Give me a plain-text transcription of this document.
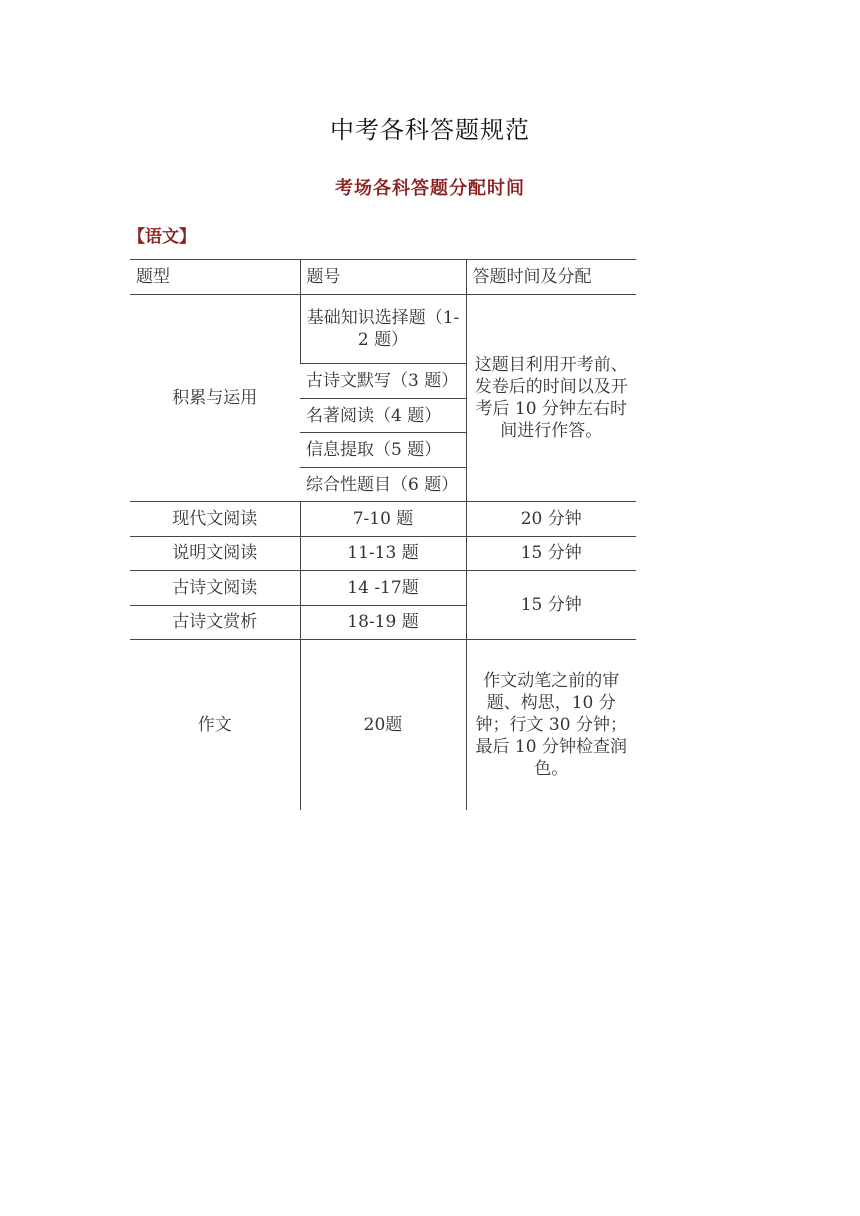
中考各科答题规范
考场各科答题分配时间
【语文】
题型	题号	答题时间及分配
积累与运用	基础知识选择题（1-2 题）	这题目利用开考前、发卷后的时间以及开考后 10 分钟左右时间进行作答。
	古诗文默写（3 题）	
	名著阅读（4 题）	
	信息提取（5 题）	
	综合性题目（6 题）	
现代文阅读	7-10 题	20 分钟
说明文阅读	11-13 题	15 分钟
古诗文阅读	14 -17题	15 分钟
古诗文赏析	18-19 题	
作文	20题	作文动笔之前的审题、构思，10 分钟；行文 30 分钟；最后 10 分钟检查润色。
